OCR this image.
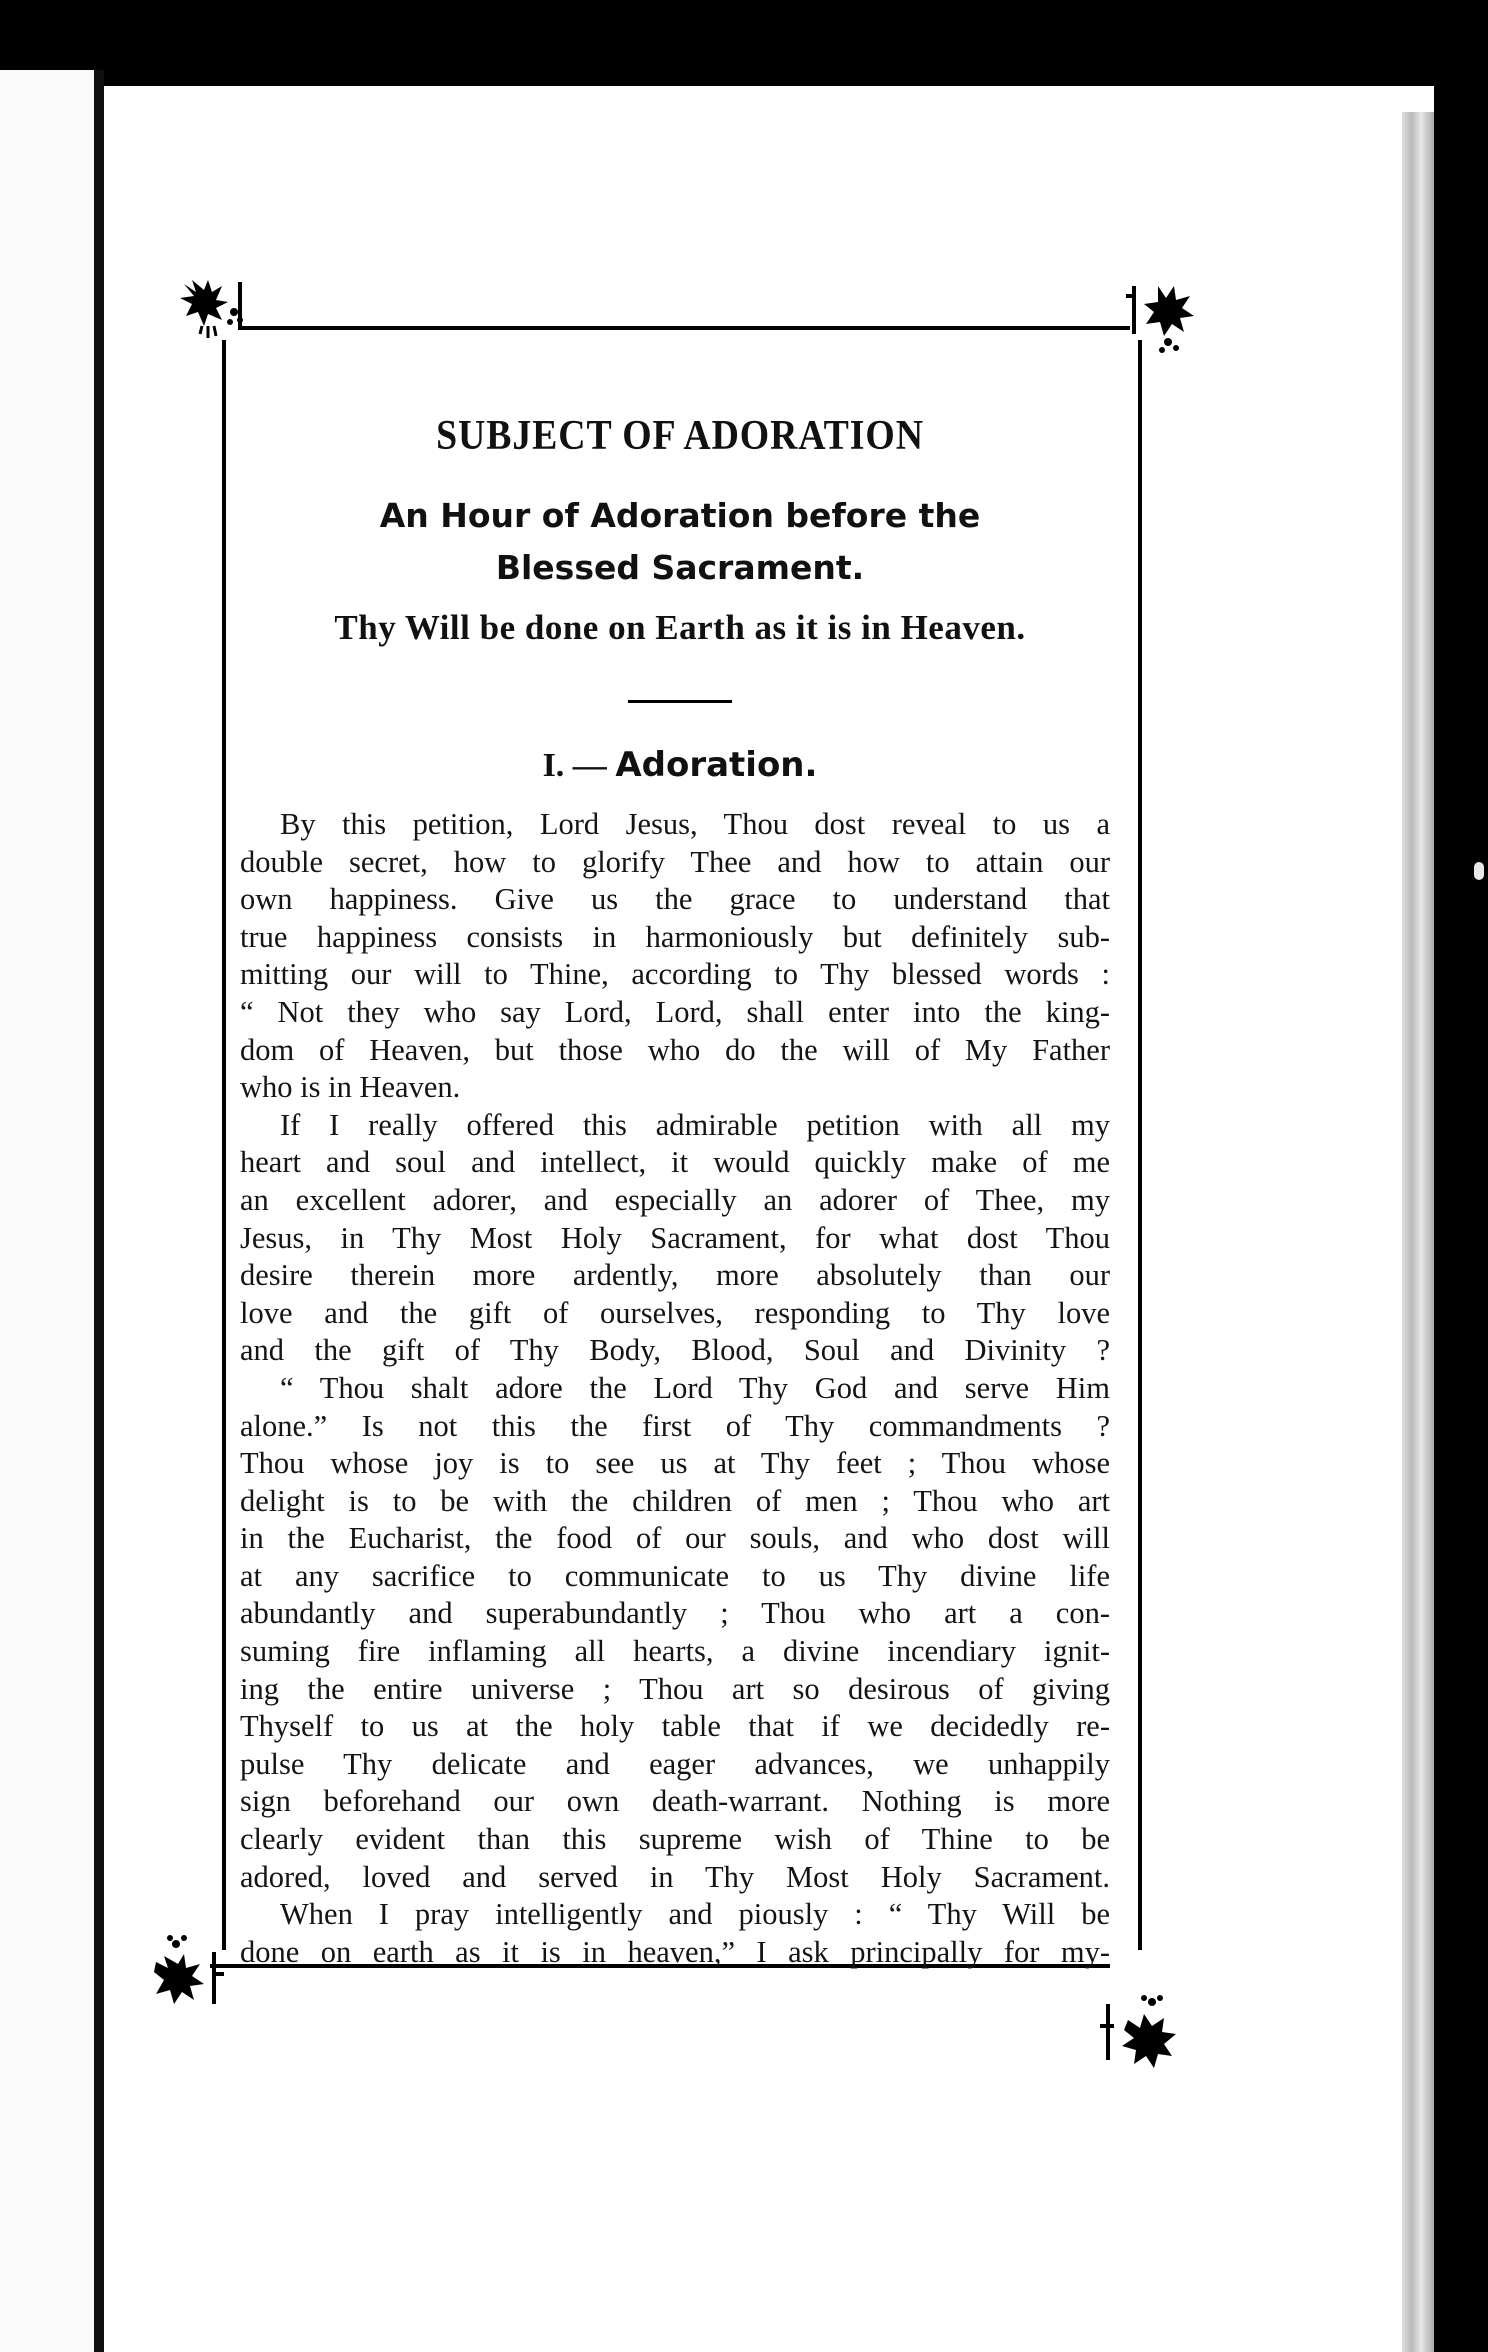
SUBJECT OF ADORATION
An Hour of Adoration before the
Blessed Sacrament.
Thy Will be done on Earth as it is in Heaven.
I. — Adoration.
By this petition, Lord Jesus, Thou dost reveal to us a
double secret, how to glorify Thee and how to attain our
own happiness. Give us the grace to understand that
true happiness consists in harmoniously but definitely sub-
mitting our will to Thine, according to Thy blessed words :
“ Not they who say Lord, Lord, shall enter into the king-
dom of Heaven, but those who do the will of My Father
who is in Heaven.
If I really offered this admirable petition with all my
heart and soul and intellect, it would quickly make of me
an excellent adorer, and especially an adorer of Thee, my
Jesus, in Thy Most Holy Sacrament, for what dost Thou
desire therein more ardently, more absolutely than our
love and the gift of ourselves, responding to Thy love
and the gift of Thy Body, Blood, Soul and Divinity ?
“ Thou shalt adore the Lord Thy God and serve Him
alone.” Is not this the first of Thy commandments ?
Thou whose joy is to see us at Thy feet ; Thou whose
delight is to be with the children of men ; Thou who art
in the Eucharist, the food of our souls, and who dost will
at any sacrifice to communicate to us Thy divine life
abundantly and superabundantly ; Thou who art a con-
suming fire inflaming all hearts, a divine incendiary ignit-
ing the entire universe ; Thou art so desirous of giving
Thyself to us at the holy table that if we decidedly re-
pulse Thy delicate and eager advances, we unhappily
sign beforehand our own death-warrant. Nothing is more
clearly evident than this supreme wish of Thine to be
adored, loved and served in Thy Most Holy Sacrament.
When I pray intelligently and piously : “ Thy Will be
done on earth as it is in heaven,” I ask principally for my-
